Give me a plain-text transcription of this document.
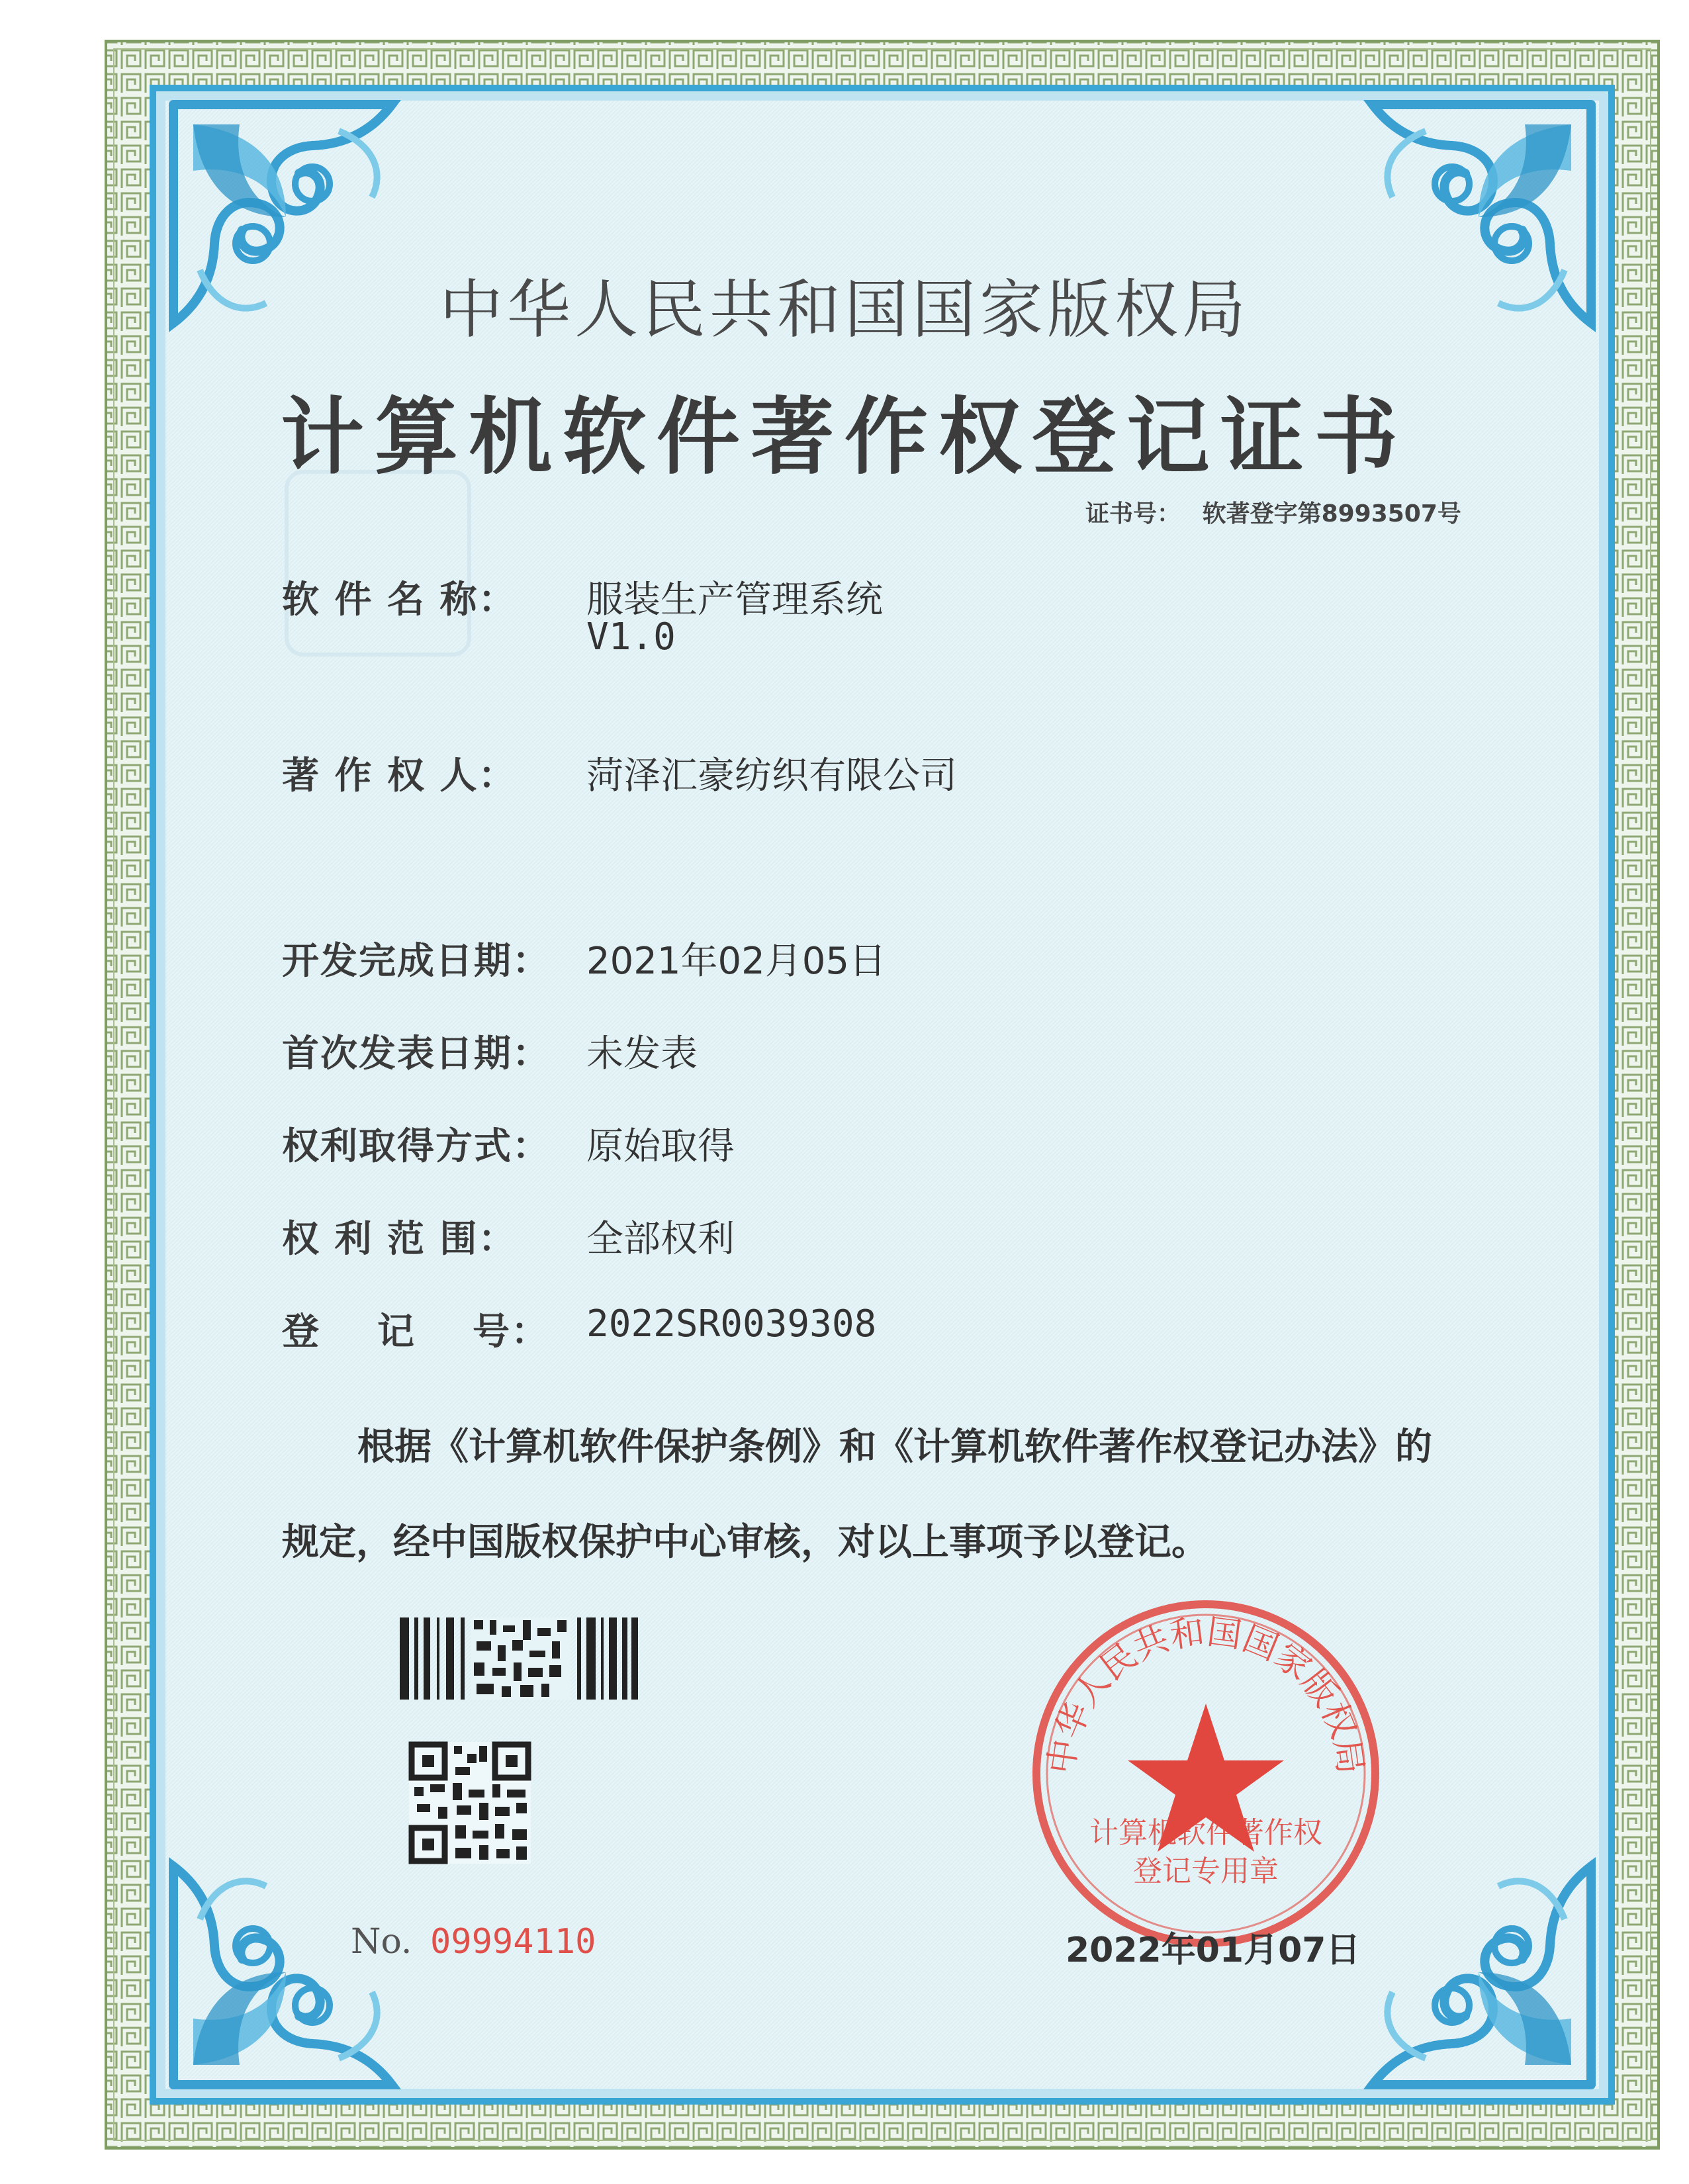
中华人民共和国国家版权局
计算机软件著作权登记证书
证书号： 软著登字第8993507号
软 件 名 称： 服装生产管理系统
V1.0
著 作 权 人： 菏泽汇豪纺织有限公司
开发完成日期： 2021年02月05日
首次发表日期： 未发表
权利取得方式： 原始取得
权 利 范 围： 全部权利
登    记    号： 2022SR0039308
根据《计算机软件保护条例》和《计算机软件著作权登记办法》的
规定，经中国版权保护中心审核，对以上事项予以登记。
中华人民共和国国家版权局
计算机软件著作权
登记专用章
No. 09994110	2022年01月07日
